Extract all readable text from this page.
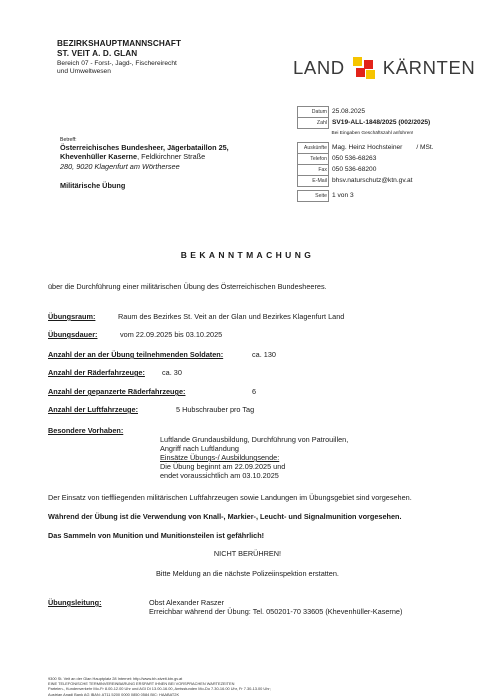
BEZIRKSHAUPTMANNSCHAFT
ST. VEIT A. D. GLAN
Bereich 07 - Forst-, Jagd-, Fischereirecht
und Umweltwesen	LAND KÄRNTEN
Datum	25.08.2025
Zahl	SV19-ALL-1848/2025 (002/2025)
	Bei Eingaben Geschäftszahl anführen!

Auskünfte	Mag. Heinz Hochsteiner / MSt.
Telefon	050 536-68263
Fax	050 536-68200
E-Mail	bhsv.naturschutz@ktn.gv.at

Seite	1 von 3
Betreff:
Österreichisches Bundesheer, Jägerbataillon 25,
Khevenhüller Kaserne, Feldkirchner Straße
280, 9020 Klagenfurt am Wörthersee
Militärische Übung
BEKANNTMACHUNG
über die Durchführung einer militärischen Übung des Österreichischen Bundesheeres.
Übungsraum:	Raum des Bezirkes St. Veit an der Glan und Bezirkes Klagenfurt Land
Übungsdauer:	vom 22.09.2025 bis 03.10.2025
Anzahl der an der Übung teilnehmenden Soldaten:	ca. 130
Anzahl der Räderfahrzeuge: ca. 30
Anzahl der gepanzerte Räderfahrzeuge:	6
Anzahl der Luftfahrzeuge:	5 Hubschrauber pro Tag
Besondere Vorhaben:
Luftlande Grundausbildung, Durchführung von Patrouillen,
Angriff nach Luftlandung
Einsätze Übungs-/ Ausbildungsende:
Die Übung beginnt am 22.09.2025 und
endet voraussichtlich am 03.10.2025
Der Einsatz von tieffliegenden militärischen Luftfahrzeugen sowie Landungen im Übungsgebiet sind vorgesehen.
Während der Übung ist die Verwendung von Knall-, Markier-, Leucht- und Signalmunition vorgesehen.
Das Sammeln von Munition und Munitionsteilen ist gefährlich!
NICHT BERÜHREN!
Bitte Meldung an die nächste Polizeiinspektion erstatten.
Übungsleitung:	Obst Alexander Raszer
Erreichbar während der Übung: Tel. 050201-70 33605 (Khevenhüller-Kaserne)
9300 St. Veit an der Glan Hauptplatz 28 Internet: http://www.bh-stveit.ktn.gv.at
EINE TELEFONISCHE TERMINVEREINBARUNG ERSPART IHNEN BEI VORSPRACHEN WARTEZEITEN
Parteien-, Kundenverkehr Mo-Fr 8.00-12.00 Uhr und AGI Di 13.00-16.00, Amtsstunden Mo-Do 7.30-16.00 Uhr, Fr 7.30-13.00 Uhr;
Austrian Anadi Bank AG IBAN: AT11 5200 0000 0850 0584 BIC: HAABAT2K
